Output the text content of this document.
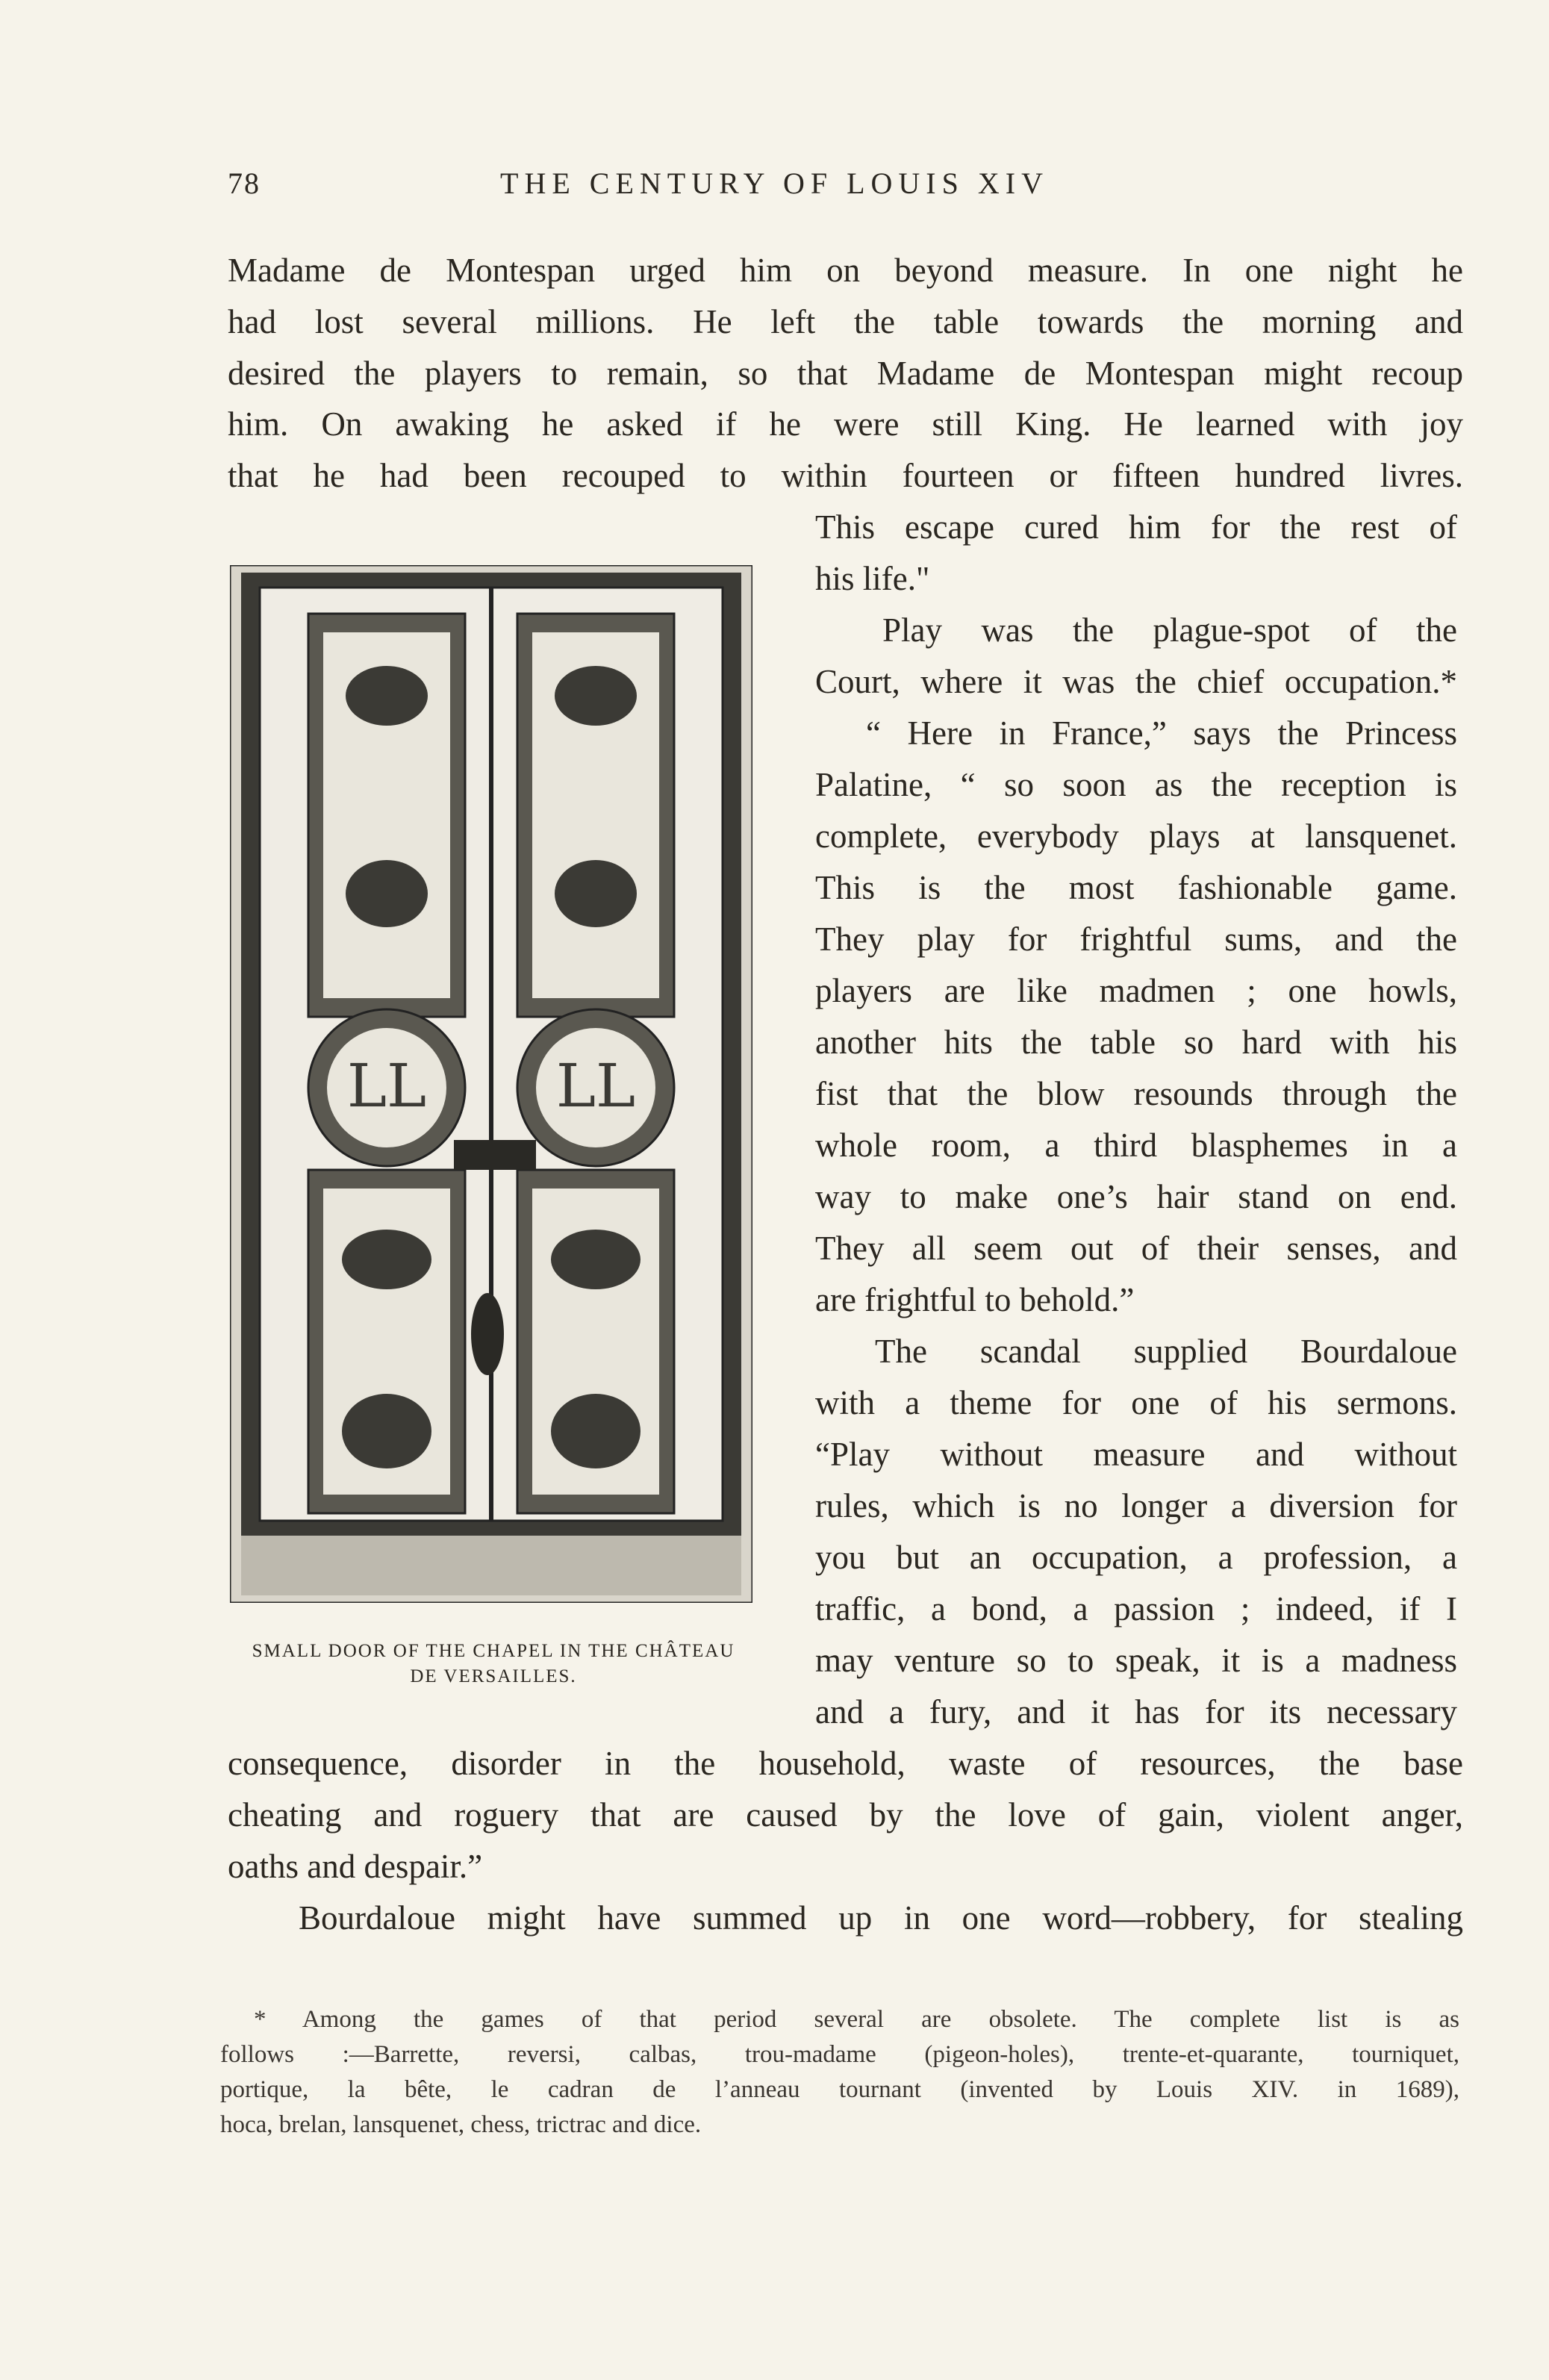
78	THE CENTURY OF LOUIS XIV
Madame de Montespan urged him on beyond measure. In one night he
had lost several millions. He left the table towards the morning and
desired the players to remain, so that Madame de Montespan might recoup
him. On awaking he asked if he were still King. He learned with joy
that he had been recouped to within fourteen or fifteen hundred livres.
This escape cured him for the rest of
his life."
Play was the plague-spot of the
Court, where it was the chief occupation.*
“ Here in France,” says the Princess
Palatine, “ so soon as the reception is
complete, everybody plays at lansquenet.
This is the most fashionable game.
They play for frightful sums, and the
players are like madmen ; one howls,
another hits the table so hard with his
fist that the blow resounds through the
whole room, a third blasphemes in a
way to make one’s hair stand on end.
They all seem out of their senses, and
are frightful to behold.”
The scandal supplied Bourdaloue
with a theme for one of his sermons.
“Play without measure and without
rules, which is no longer a diversion for
you but an occupation, a profession, a
traffic, a bond, a passion ; indeed, if I
may venture so to speak, it is a madness
and a fury, and it has for its necessary
consequence, disorder in the household, waste of resources, the base
cheating and roguery that are caused by the love of gain, violent anger,
oaths and despair.”
Bourdaloue might have summed up in one word—robbery, for stealing
LL LL
SMALL DOOR OF THE CHAPEL IN THE CHÂTEAU
DE VERSAILLES.
* Among the games of that period several are obsolete. The complete list is as
follows :—Barrette, reversi, calbas, trou-madame (pigeon-holes), trente-et-quarante, tourniquet,
portique, la bête, le cadran de l’anneau tournant (invented by Louis XIV. in 1689),
hoca, brelan, lansquenet, chess, trictrac and dice.
